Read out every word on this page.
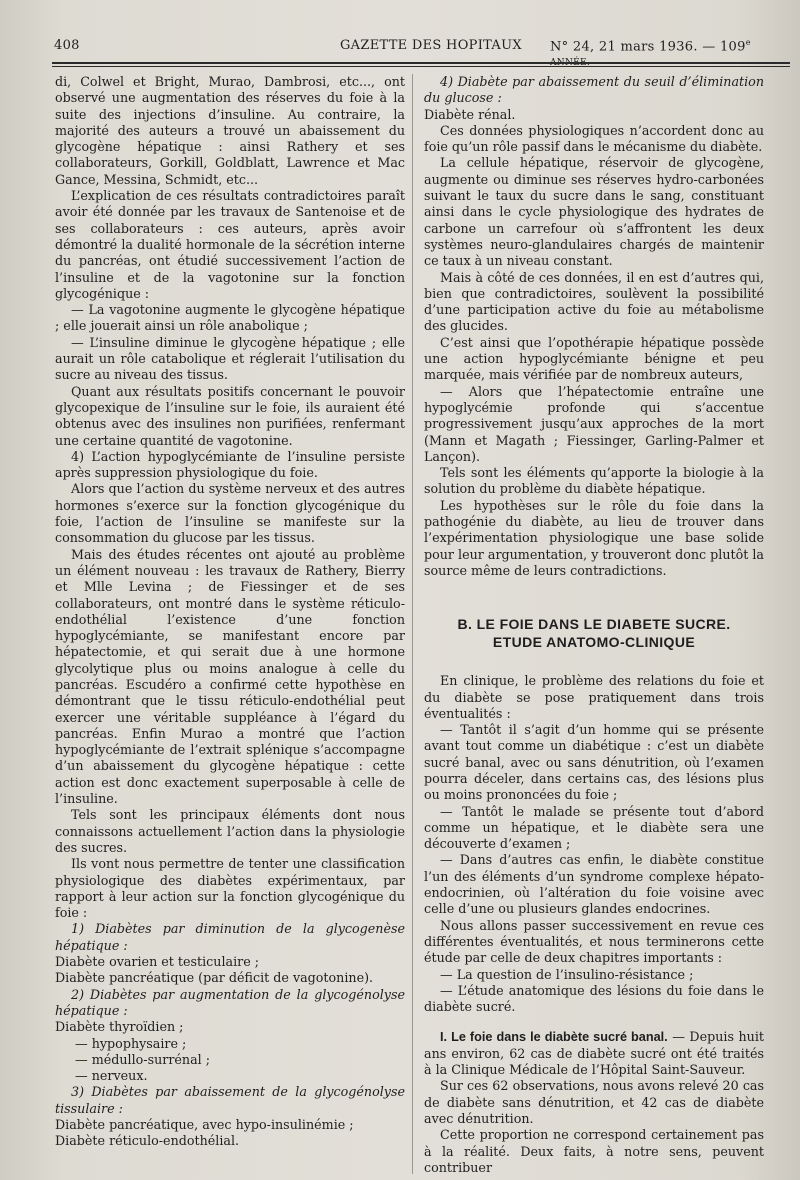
408	GAZETTE DES HOPITAUX N° 24, 21 mars 1936. — 109e ANNÉE.

di, Colwel et Bright, Murao, Dambrosi, etc..., ont observé une augmentation des réserves du foie à la suite des injections d’insuline. Au contraire, la majorité des auteurs a trouvé un abaissement du glycogène hépatique : ainsi Rathery et ses collaborateurs, Gorkill, Goldblatt, Lawrence et Mac Gance, Messina, Schmidt, etc...

L’explication de ces résultats contradictoires paraît avoir été donnée par les travaux de Santenoise et de ses collaborateurs : ces auteurs, après avoir démontré la dualité hormonale de la sécrétion interne du pancréas, ont étudié successivement l’action de l’insuline et de la vagotonine sur la fonction glycogénique :

— La vagotonine augmente le glycogène hépatique ; elle jouerait ainsi un rôle anabolique ;

— L’insuline diminue le glycogène hépatique ; elle aurait un rôle catabolique et réglerait l’utilisation du sucre au niveau des tissus.

Quant aux résultats positifs concernant le pouvoir glycopexique de l’insuline sur le foie, ils auraient été obtenus avec des insulines non purifiées, renfermant une certaine quantité de vagotonine.

4) L’action hypoglycémiante de l’insuline persiste après suppression physiologique du foie.

Alors que l’action du système nerveux et des autres hormones s’exerce sur la fonction glycogénique du foie, l’action de l’insuline se manifeste sur la consommation du glucose par les tissus.

Mais des études récentes ont ajouté au problème un élément nouveau : les travaux de Rathery, Bierry et Mlle Levina ; de Fiessinger et de ses collaborateurs, ont montré dans le système réticulo-endothélial l’existence d’une fonction hypoglycémiante, se manifestant encore par hépatectomie, et qui serait due à une hormone glycolytique plus ou moins analogue à celle du pancréas. Escudéro a confirmé cette hypothèse en démontrant que le tissu réticulo-endothélial peut exercer une véritable suppléance à l’égard du pancréas. Enfin Murao a montré que l’action hypoglycémiante de l’extrait splénique s’accompagne d’un abaissement du glycogène hépatique : cette action est donc exactement superposable à celle de l’insuline.

Tels sont les principaux éléments dont nous connaissons actuellement l’action dans la physiologie des sucres.

Ils vont nous permettre de tenter une classification physiologique des diabètes expérimentaux, par rapport à leur action sur la fonction glycogénique du foie :

1) Diabètes par diminution de la glycogenèse hépatique :

Diabète ovarien et testiculaire ;

Diabète pancréatique (par déficit de vagotonine).

2) Diabètes par augmentation de la glycogénolyse hépatique :

Diabète thyroïdien ;

— hypophysaire ;

— médullo-surrénal ;

— nerveux.

3) Diabètes par abaissement de la glycogénolyse tissulaire :

Diabète pancréatique, avec hypo-insulinémie ;

Diabète réticulo-endothélial.

4) Diabète par abaissement du seuil d’élimination du glucose :

Diabète rénal.

Ces données physiologiques n’accordent donc au foie qu’un rôle passif dans le mécanisme du diabète.

La cellule hépatique, réservoir de glycogène, augmente ou diminue ses réserves hydro-carbonées suivant le taux du sucre dans le sang, constituant ainsi dans le cycle physiologique des hydrates de carbone un carrefour où s’affrontent les deux systèmes neuro-glandulaires chargés de maintenir ce taux à un niveau constant.

Mais à côté de ces données, il en est d’autres qui, bien que contradictoires, soulèvent la possibilité d’une participation active du foie au métabolisme des glucides.

C’est ainsi que l’opothérapie hépatique possède une action hypoglycémiante bénigne et peu marquée, mais vérifiée par de nombreux auteurs,

— Alors que l’hépatectomie entraîne une hypoglycémie profonde qui s’accentue progressivement jusqu’aux approches de la mort (Mann et Magath ; Fiessinger, Garling-Palmer et Lançon).

Tels sont les éléments qu’apporte la biologie à la solution du problème du diabète hépatique.

Les hypothèses sur le rôle du foie dans la pathogénie du diabète, au lieu de trouver dans l’expérimentation physiologique une base solide pour leur argumentation, y trouveront donc plutôt la source même de leurs contradictions.

B. LE FOIE DANS LE DIABETE SUCRE.
ETUDE ANATOMO-CLINIQUE

En clinique, le problème des relations du foie et du diabète se pose pratiquement dans trois éventualités :

— Tantôt il s’agit d’un homme qui se présente avant tout comme un diabétique : c’est un diabète sucré banal, avec ou sans dénutrition, où l’examen pourra déceler, dans certains cas, des lésions plus ou moins prononcées du foie ;

— Tantôt le malade se présente tout d’abord comme un hépatique, et le diabète sera une découverte d’examen ;

— Dans d’autres cas enfin, le diabète constitue l’un des éléments d’un syndrome complexe hépato-endocrinien, où l’altération du foie voisine avec celle d’une ou plusieurs glandes endocrines.

Nous allons passer successivement en revue ces différentes éventualités, et nous terminerons cette étude par celle de deux chapitres importants :

— La question de l’insulino-résistance ;

— L’étude anatomique des lésions du foie dans le diabète sucré.

I. Le foie dans le diabète sucré banal. — Depuis huit ans environ, 62 cas de diabète sucré ont été traités à la Clinique Médicale de l’Hôpital Saint-Sauveur.

Sur ces 62 observations, nous avons relevé 20 cas de diabète sans dénutrition, et 42 cas de diabète avec dénutrition.

Cette proportion ne correspond certainement pas à la réalité. Deux faits, à notre sens, peuvent contribuer
